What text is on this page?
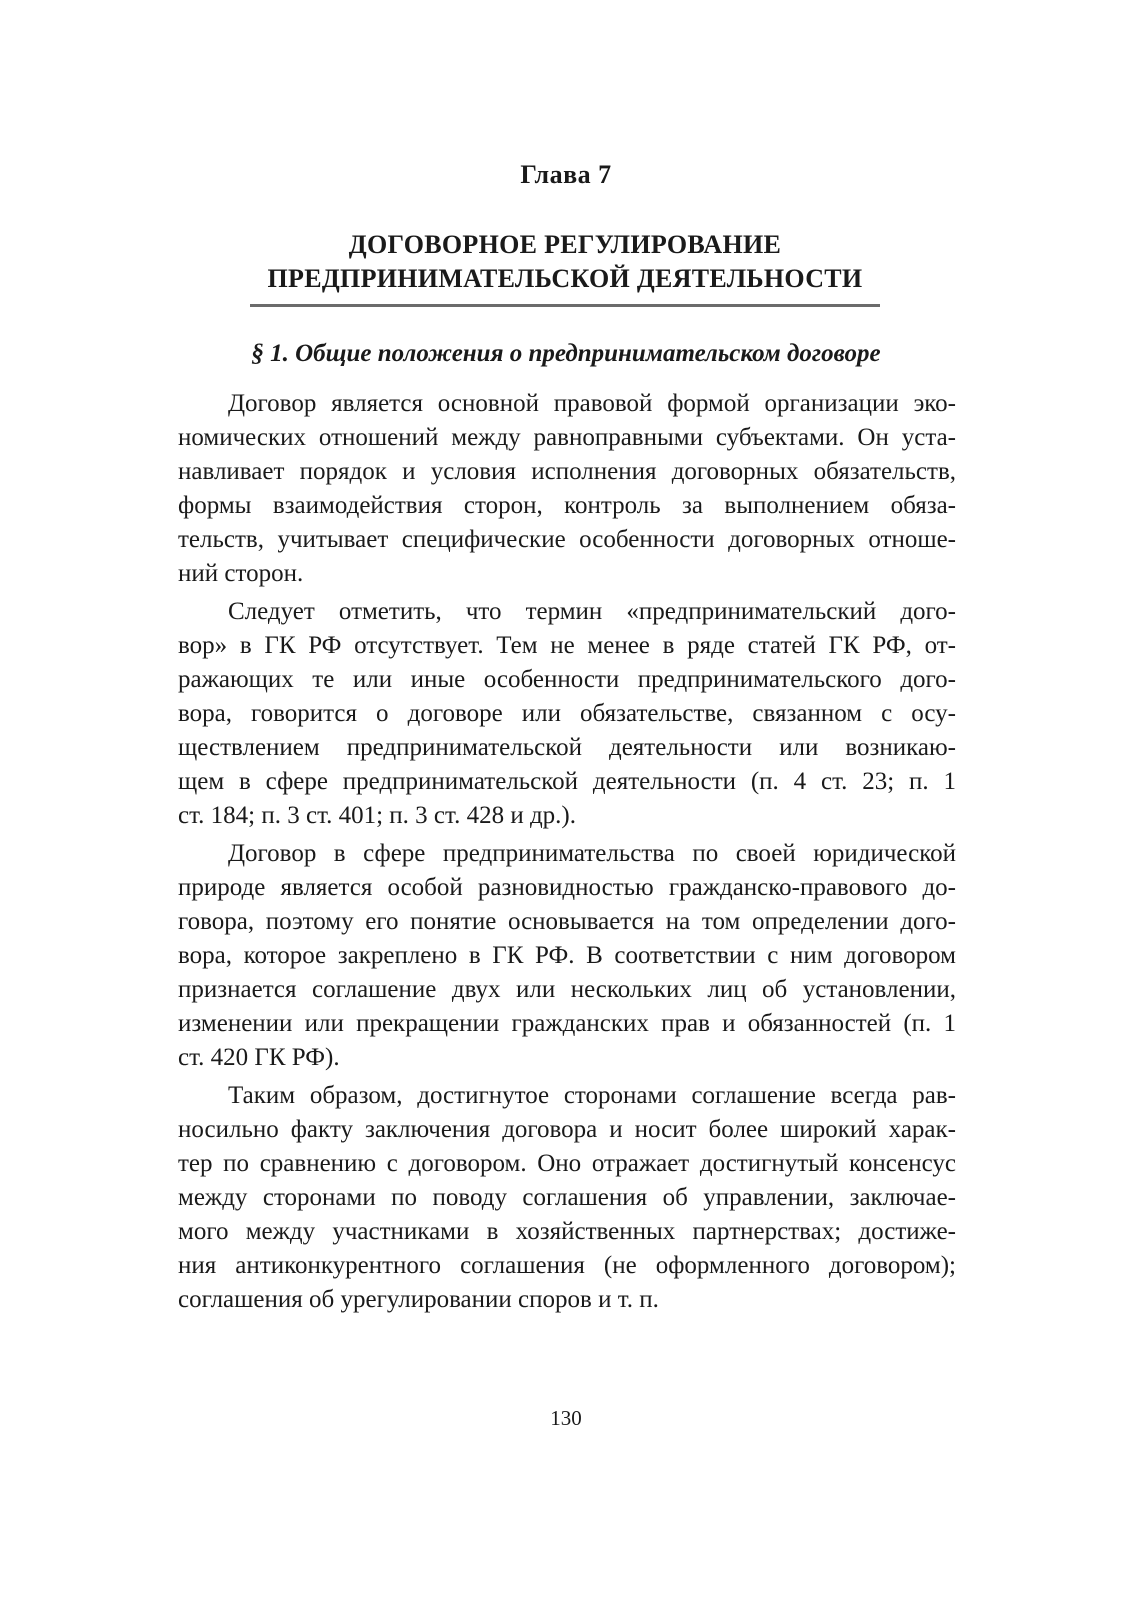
Глава 7
ДОГОВОРНОЕ РЕГУЛИРОВАНИЕ
ПРЕДПРИНИМАТЕЛЬСКОЙ ДЕЯТЕЛЬНОСТИ
§ 1. Общие положения о предпринимательском договоре
Договор является основной правовой формой организации эко-
номических отношений между равноправными субъектами. Он уста-
навливает порядок и условия исполнения договорных обязательств,
формы взаимодействия сторон, контроль за выполнением обяза-
тельств, учитывает специфические особенности договорных отноше-
ний сторон.
Следует отметить, что термин «предпринимательский дого-
вор» в ГК РФ отсутствует. Тем не менее в ряде статей ГК РФ, от-
ражающих те или иные особенности предпринимательского дого-
вора, говорится о договоре или обязательстве, связанном с осу-
ществлением предпринимательской деятельности или возникаю-
щем в сфере предпринимательской деятельности (п. 4 ст. 23; п. 1
ст. 184; п. 3 ст. 401; п. 3 ст. 428 и др.).
Договор в сфере предпринимательства по своей юридической
природе является особой разновидностью гражданско-правового до-
говора, поэтому его понятие основывается на том определении дого-
вора, которое закреплено в ГК РФ. В соответствии с ним договором
признается соглашение двух или нескольких лиц об установлении,
изменении или прекращении гражданских прав и обязанностей (п. 1
ст. 420 ГК РФ).
Таким образом, достигнутое сторонами соглашение всегда рав-
носильно факту заключения договора и носит более широкий харак-
тер по сравнению с договором. Оно отражает достигнутый консенсус
между сторонами по поводу соглашения об управлении, заключае-
мого между участниками в хозяйственных партнерствах; достиже-
ния антиконкурентного соглашения (не оформленного договором);
соглашения об урегулировании споров и т. п.
130
